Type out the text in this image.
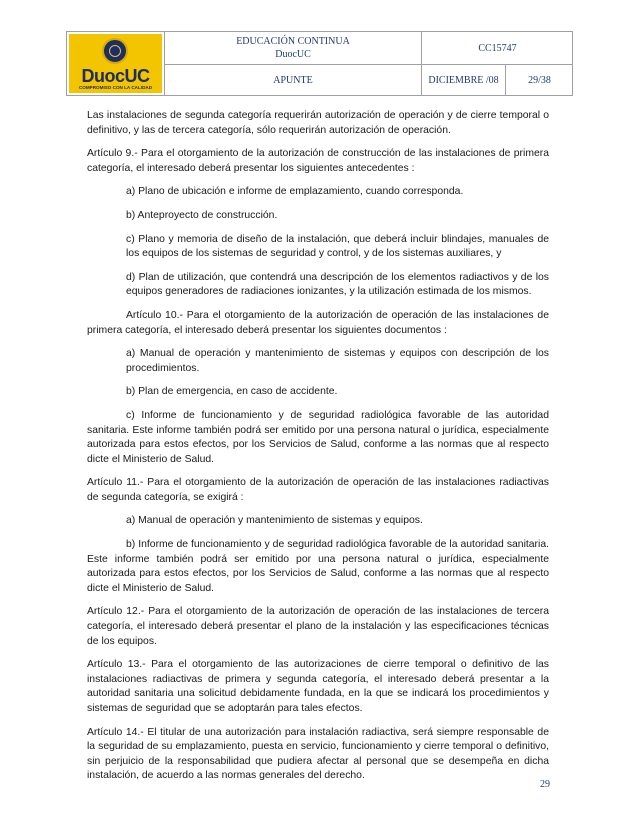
DuocUC
COMPROMISO CON LA CALIDAD
EDUCACIÓN CONTINUA
DuocUC
CC15747
APUNTE	DICIEMBRE /08	29/38

Las instalaciones de segunda categoría requerirán autorización de operación y de cierre temporal o definitivo, y las de tercera categoría, sólo requerirán autorización de operación.

Artículo 9.- Para el otorgamiento de la autorización de construcción de las instalaciones de primera categoría, el interesado deberá presentar los siguientes antecedentes :

a) Plano de ubicación e informe de emplazamiento, cuando corresponda.

b) Anteproyecto de construcción.

c) Plano y memoria de diseño de la instalación, que deberá incluir blindajes, manuales de los equipos de los sistemas de seguridad y control, y de los sistemas auxiliares, y

d) Plan de utilización, que contendrá una descripción de los elementos radiactivos y de los equipos generadores de radiaciones ionizantes, y la utilización estimada de los mismos.

Artículo 10.- Para el otorgamiento de la autorización de operación de las instalaciones de primera categoría, el interesado deberá presentar los siguientes documentos :

a) Manual de operación y mantenimiento de sistemas y equipos con descripción de los procedimientos.

b) Plan de emergencia, en caso de accidente.

c) Informe de funcionamiento y de seguridad radiológica favorable de las autoridad sanitaria. Este informe también podrá ser emitido por una persona natural o jurídica, especialmente autorizada para estos efectos, por los Servicios de Salud, conforme a las normas que al respecto dicte el Ministerio de Salud.

Artículo 11.- Para el otorgamiento de la autorización de operación de las instalaciones radiactivas de segunda categoría, se exigirá :

a) Manual de operación y mantenimiento de sistemas y equipos.

b) Informe de funcionamiento y de seguridad radiológica favorable de la autoridad sanitaria. Este informe también podrá ser emitido por una persona natural o jurídica, especialmente autorizada para estos efectos, por los Servicios de Salud, conforme a las normas que al respecto dicte el Ministerio de Salud.

Artículo 12.- Para el otorgamiento de la autorización de operación de las instalaciones de tercera categoría, el interesado deberá presentar el plano de la instalación y las especificaciones técnicas de los equipos.

Artículo 13.- Para el otorgamiento de las autorizaciones de cierre temporal o definitivo de las instalaciones radiactivas de primera y segunda categoría, el interesado deberá presentar a la autoridad sanitaria una solicitud debidamente fundada, en la que se indicará los procedimientos y sistemas de seguridad que se adoptarán para tales efectos.

Artículo 14.- El titular de una autorización para instalación radiactiva, será siempre responsable de la seguridad de su emplazamiento, puesta en servicio, funcionamiento y cierre temporal o definitivo, sin perjuicio de la responsabilidad que pudiera afectar al personal que se desempeña en dicha instalación, de acuerdo a las normas generales del derecho.

29
